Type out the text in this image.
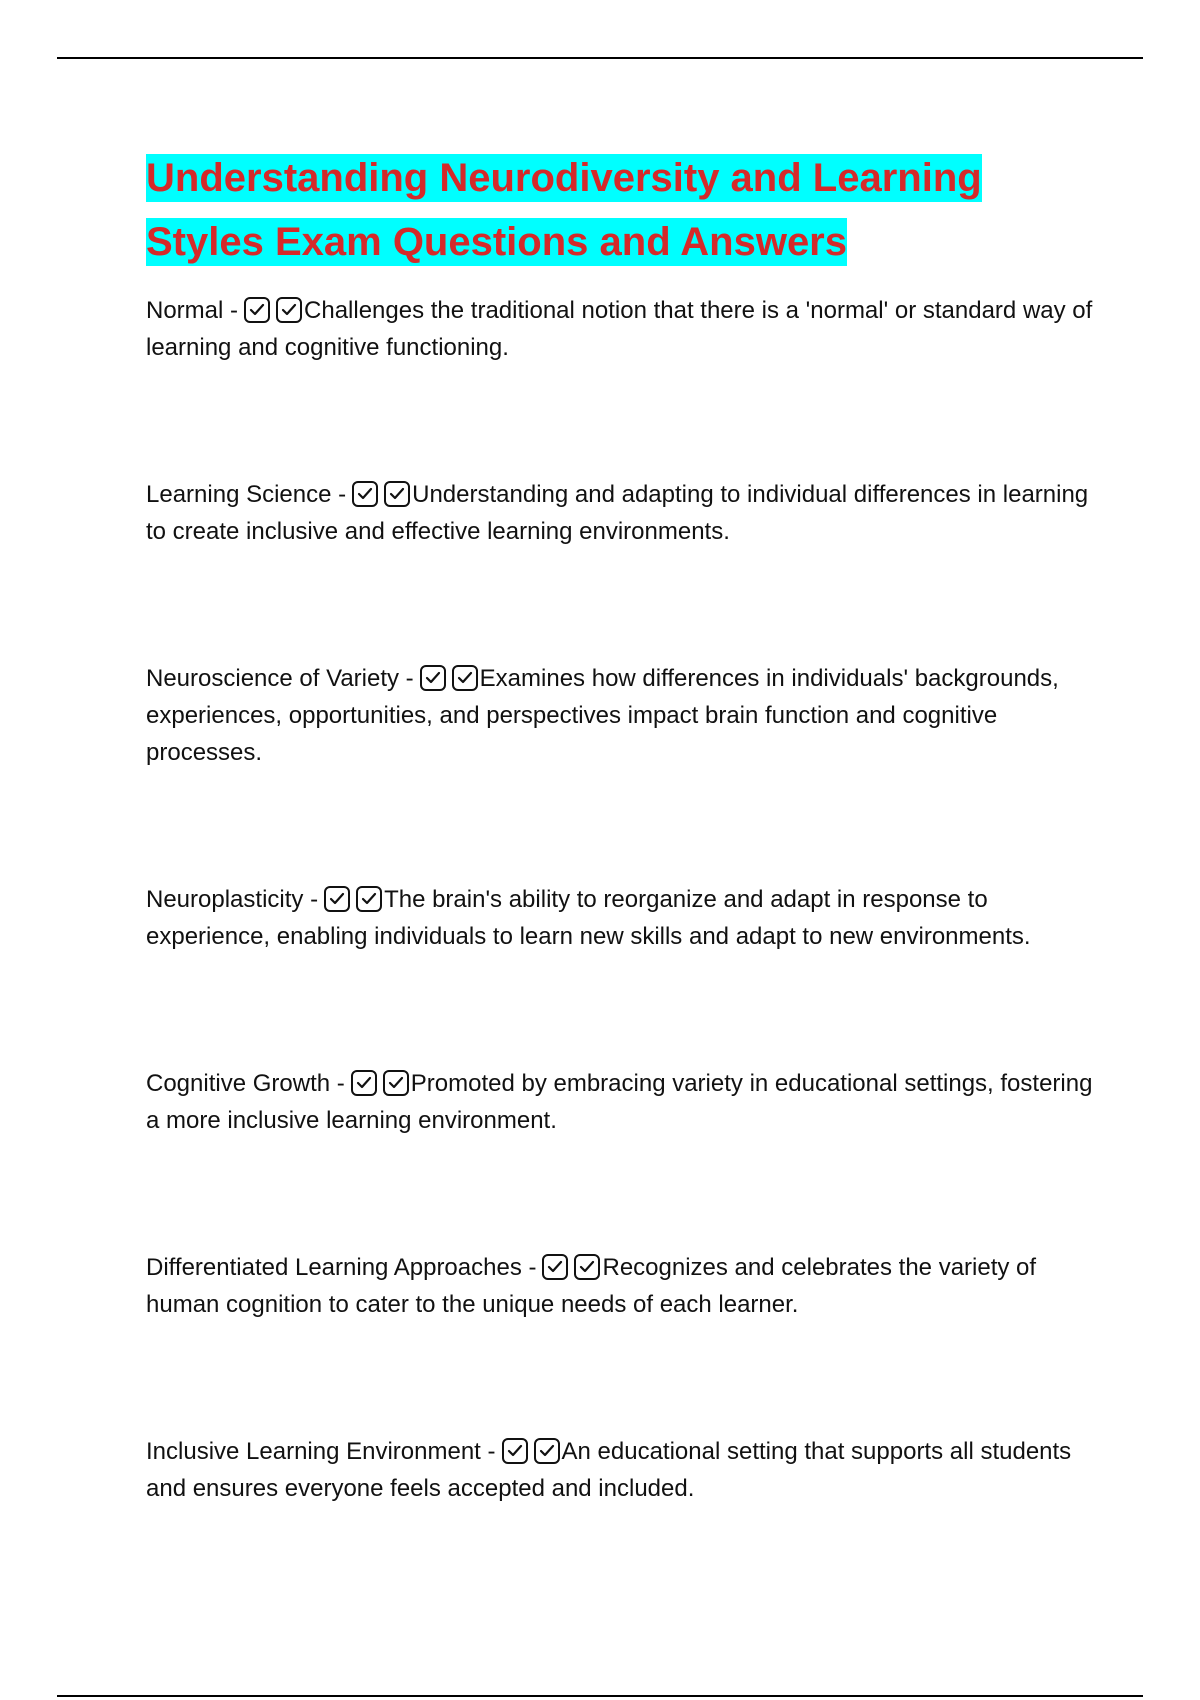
Understanding Neurodiversity and Learning
Styles Exam Questions and Answers

Normal -	Challenges the traditional notion that there is a 'normal' or standard way of learning and cognitive functioning.

Learning Science -	Understanding and adapting to individual differences in learning to create inclusive and effective learning environments.

Neuroscience of Variety -	Examines how differences in individuals' backgrounds, experiences, opportunities, and perspectives impact brain function and cognitive processes.

Neuroplasticity -	The brain's ability to reorganize and adapt in response to experience, enabling individuals to learn new skills and adapt to new environments.

Cognitive Growth -	Promoted by embracing variety in educational settings, fostering a more inclusive learning environment.

Differentiated Learning Approaches -	Recognizes and celebrates the variety of human cognition to cater to the unique needs of each learner.

Inclusive Learning Environment -	An educational setting that supports all students and ensures everyone feels accepted and included.
